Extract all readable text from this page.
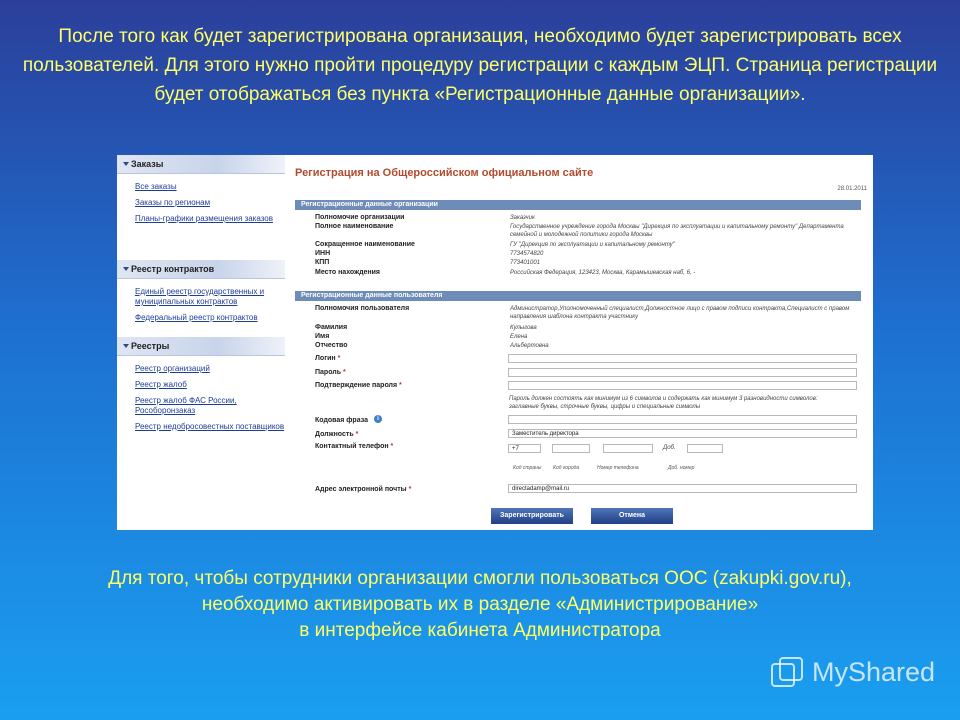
После того как будет зарегистрирована организация, необходимо будет зарегистрировать всех пользователей. Для этого нужно пройти процедуру регистрации с каждым ЭЦП. Страница регистрации будет отображаться без пункта «Регистрационные данные организации».

Заказы
Все заказы
Заказы по регионам
Планы-графики размещения заказов
Реестр контрактов
Единый реестр государственных и муниципальных контрактов
Федеральный реестр контрактов
Реестры
Реестр организаций
Реестр жалоб
Реестр жалоб ФАС России, Рособоронзаказ
Реестр недобросовестных поставщиков

Регистрация на Общероссийском официальном сайте

28.01.2011
Регистрационные данные организации
Полномочие организации	Заказчик
Полное наименование	Государственное учреждение города Москвы "Дирекция по эксплуатации и капитальному ремонту" Департамента семейной и молодежной политики города Москвы
Сокращенное наименование	ГУ "Дирекция по эксплуатации и капитальному ремонту"
ИНН	7734574820
КПП	773401001
Место нахождения	Российская Федерация, 123423, Москва, Карамышевская наб, 6, -
Регистрационные данные пользователя
Полномочия пользователя	Администратор,Уполномоченный специалист,Должностное лицо с правом подписи контракта,Специалист с правом направления шаблона контракта участнику
Фамилия	Кулыгова
Имя	Елена
Отчество	Альбертовна
Логин *
Пароль *
Подтверждение пароля *
Пароль должен состоять как минимум из 6 символов и содержать как минимум 3 разновидности символов: заглавные буквы, строчные буквы, цифры и специальные символы
Кодовая фраза	i
Должность *	Заместитель директора
Контактный телефон *	+7	Доб.
Код страны Код города	Номер телефона	Доб. номер
Адрес электронной почты *	directadamp@mail.ru
Зарегистрировать	Отмена

Для того, чтобы сотрудники организации смогли пользоваться ООС (zakupki.gov.ru),
необходимо активировать их в разделе «Администрирование»
в интерфейсе кабинета Администратора

MyShared
